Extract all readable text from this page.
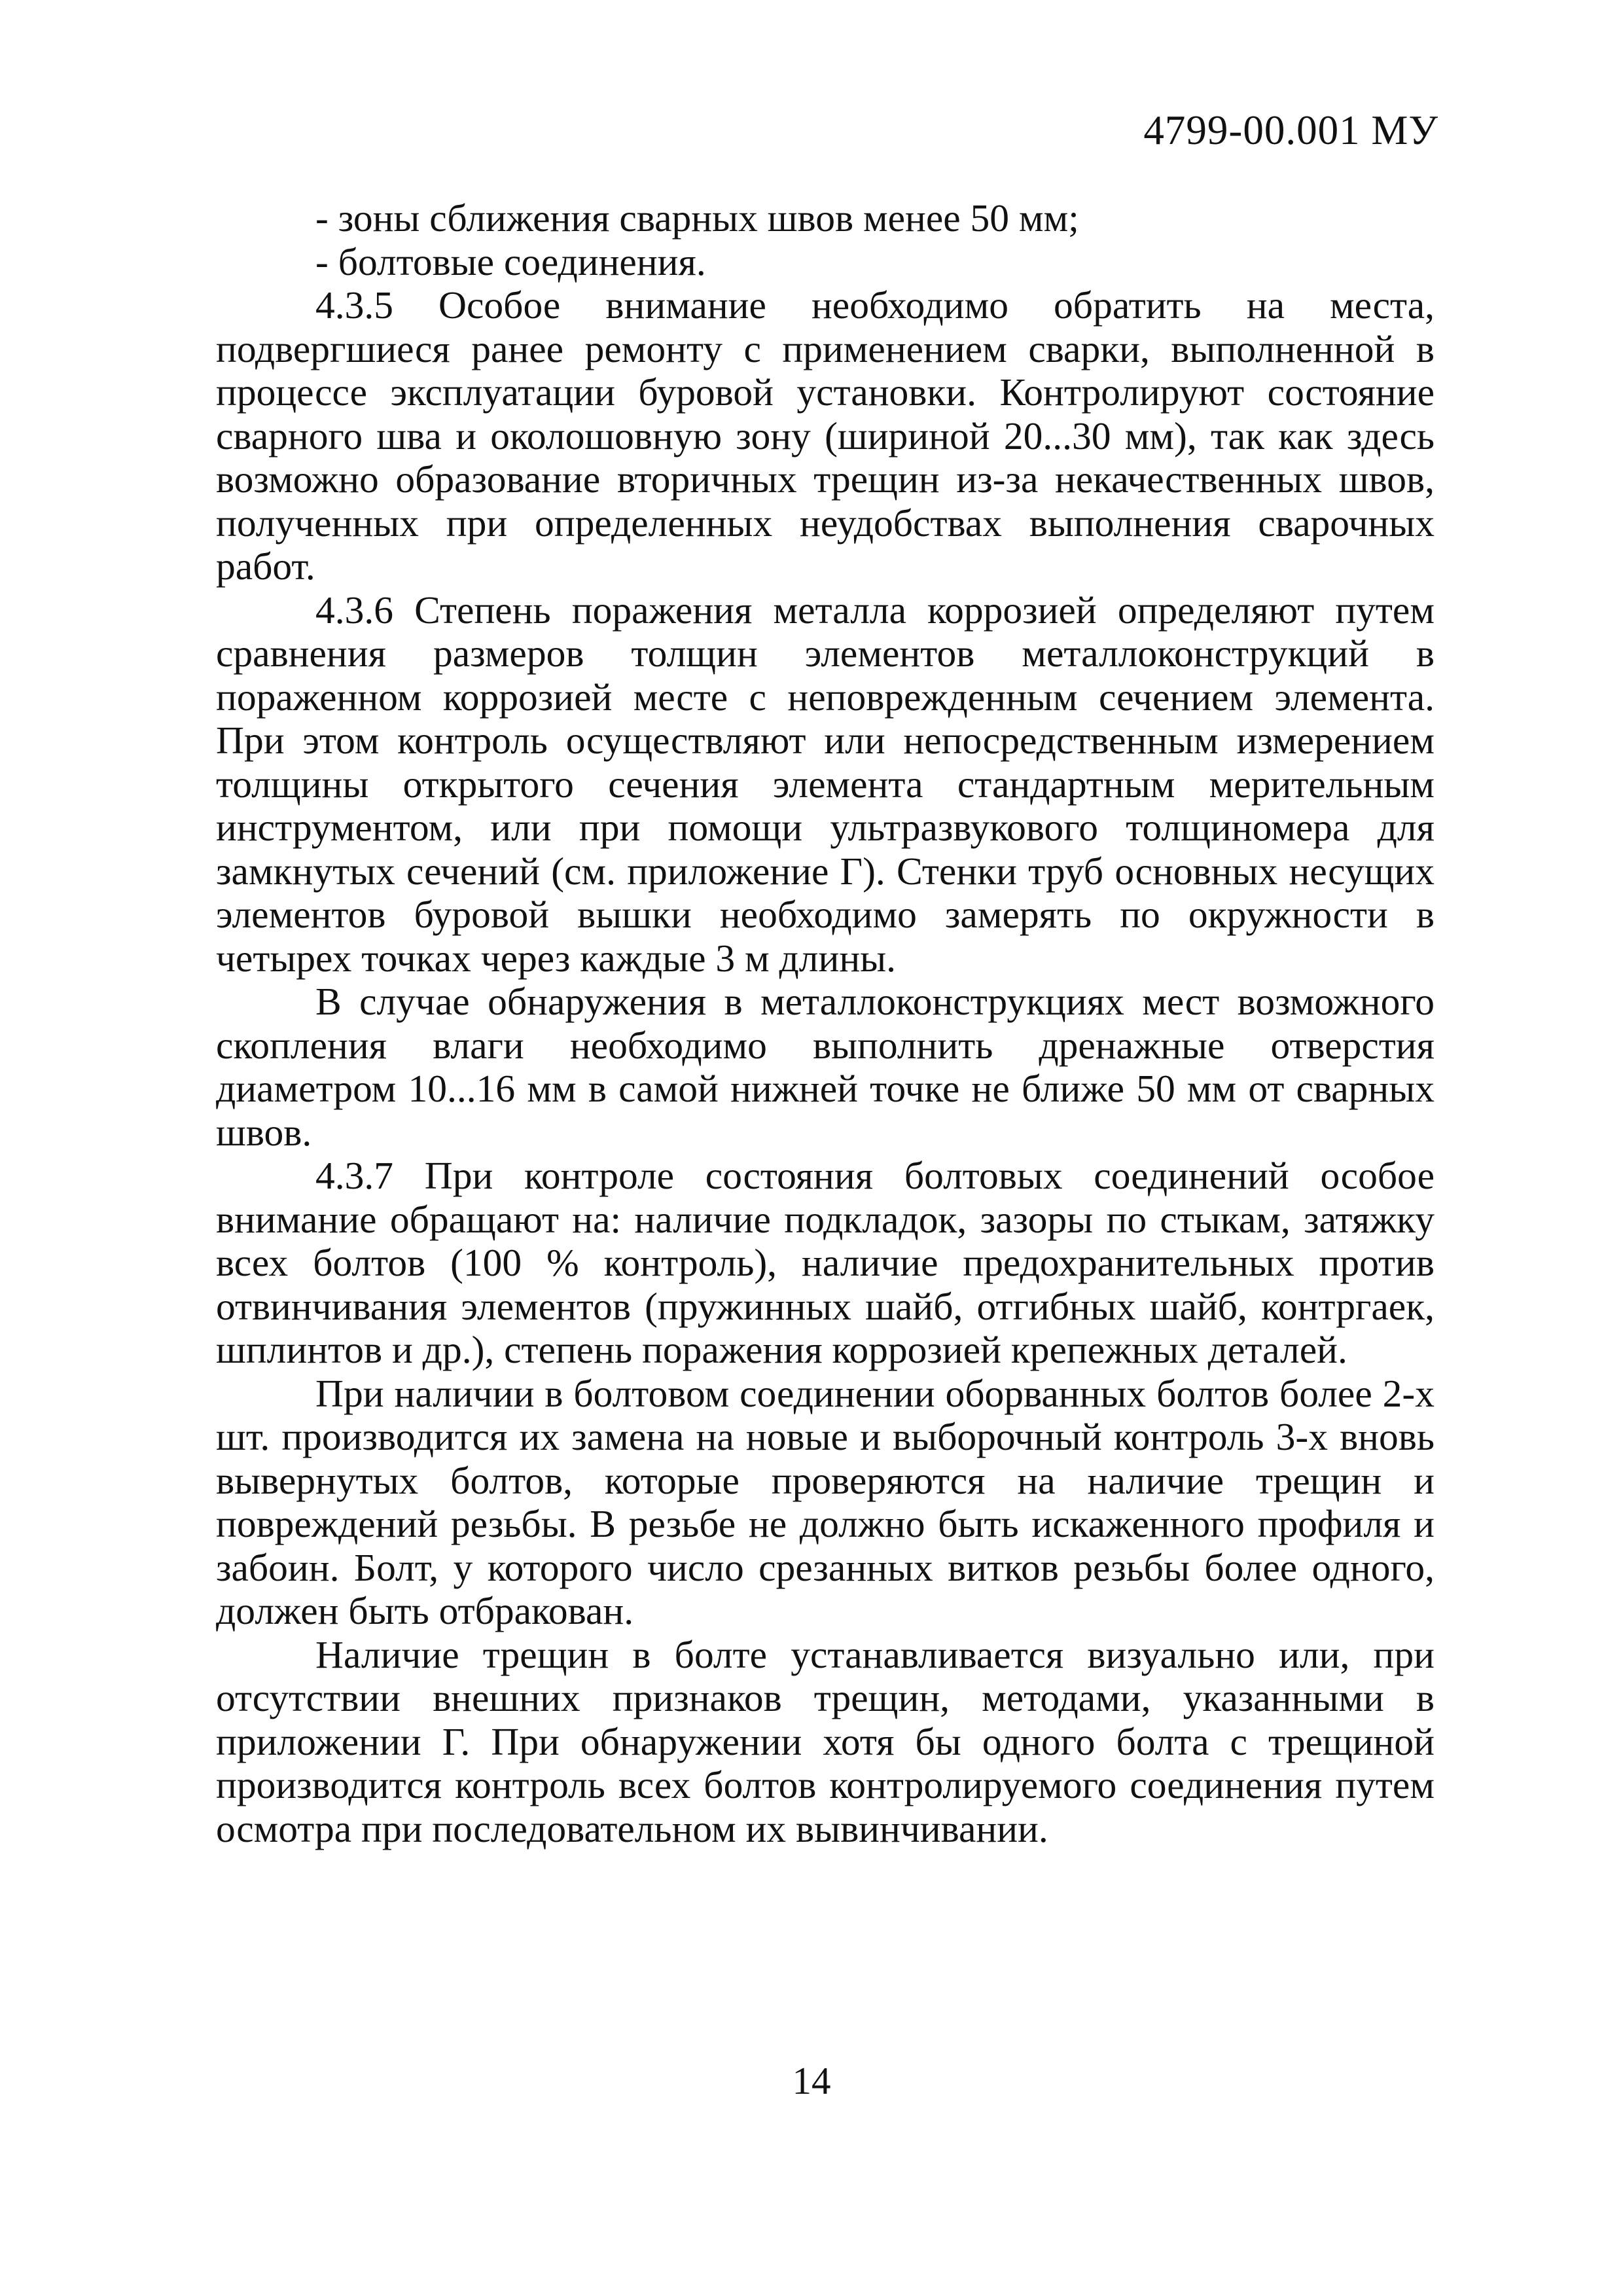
4799-00.001 МУ

- зоны сближения сварных швов менее 50 мм;

- болтовые соединения.

4.3.5 Особое внимание необходимо обратить на места, подвергшиеся ранее ремонту с применением сварки, выполненной в процессе эксплуатации буровой установки. Контролируют состояние сварного шва и околошовную зону (шириной 20...30 мм), так как здесь возможно образование вторичных трещин из-за некачественных швов, полученных при определенных неудобствах выполнения сварочных работ.

4.3.6 Степень поражения металла коррозией определяют путем сравнения размеров толщин элементов металлоконструкций в пораженном коррозией месте с неповрежденным сечением элемента. При этом контроль осуществляют или непосредственным измерением толщины открытого сечения элемента стандартным мерительным инструментом, или при помощи ультразвукового толщиномера для замкнутых сечений (см. приложение Г). Стенки труб основных несущих элементов буровой вышки необходимо замерять по окружности в четырех точках через каждые 3 м длины.

В случае обнаружения в металлоконструкциях мест возможного скопления влаги необходимо выполнить дренажные отверстия диаметром 10...16 мм в самой нижней точке не ближе 50 мм от сварных швов.

4.3.7 При контроле состояния болтовых соединений особое внимание обращают на: наличие подкладок, зазоры по стыкам, затяжку всех болтов (100 % контроль), наличие предохранительных против отвинчивания элементов (пружинных шайб, отгибных шайб, контргаек, шплинтов и др.), степень поражения коррозией крепежных деталей.

При наличии в болтовом соединении оборванных болтов более 2-х шт. производится их замена на новые и выборочный контроль 3-х вновь вывернутых болтов, которые проверяются на наличие трещин и повреждений резьбы. В резьбе не должно быть искаженного профиля и забоин. Болт, у которого число срезанных витков резьбы более одного, должен быть отбракован.

Наличие трещин в болте устанавливается визуально или, при отсутствии внешних признаков трещин, методами, указанными в приложении Г. При обнаружении хотя бы одного болта с трещиной производится контроль всех болтов контролируемого соединения путем осмотра при последовательном их вывинчивании.

14
